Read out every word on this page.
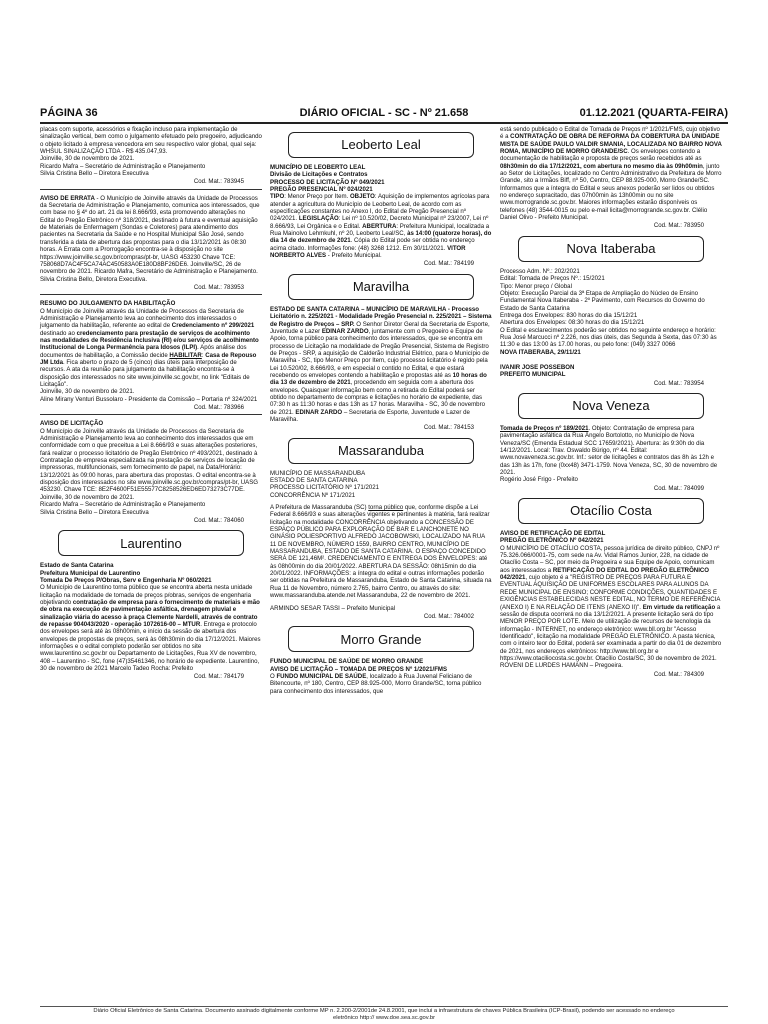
PÁGINA 36	DIÁRIO OFICIAL - SC - Nº 21.658	01.12.2021 (QUARTA-FEIRA)

placas com suporte, acessórios e fixação incluso para implementação de sinalização vertical, bem como o julgamento efetuado pelo pregoeiro, adjudicando o objeto licitado à empresa vencedora em seu respectivo valor global, qual seja: WHSUL SINALIZAÇÃO LTDA - R$ 435.047,93.

Joinville, 30 de novembro de 2021.

Ricardo Mafra – Secretário de Administração e Planejamento

Silvia Cristina Bello – Diretora Executiva

Cod. Mat.: 783945

AVISO DE ERRATA - O Município de Joinville através da Unidade de Processos da Secretaria de Administração e Planejamento, comunica aos interessados, que com base no § 4º do art. 21 da lei 8.666/93, esta promovendo alterações no Edital do Pregão Eletrônico nº 318/2021, destinado à futura e eventual aquisição de Materiais de Enfermagem (Sondas e Coletores) para atendimento dos pacientes na Secretaria da Saúde e no Hospital Municipal São José, sendo transferida a data de abertura das propostas para o dia 13/12/2021 às 08:30 horas. A Errata com a Prorrogação encontra-se à disposição no site https://www.joinville.sc.gov.br/compras/pt-br, UASG 453230 Chave TCE: 758068D7AC4F5CA74AC450583A0E180D8BF26DE6. Joinville/SC, 26 de novembro de 2021. Ricardo Mafra, Secretário de Administração e Planejamento. Silvia Cristina Bello, Diretora Executiva.

Cod. Mat.: 783953

RESUMO DO JULGAMENTO DA HABILITAÇÃO

O Município de Joinville através da Unidade de Processos da Secretaria de Administração e Planejamento leva ao conhecimento dos interessados o julgamento da habilitação, referente ao edital de Credenciamento nº 299/2021 destinado ao credenciamento para prestação de serviços de acolhimento nas modalidades de Residência Inclusiva (RI) e/ou serviços de acolhimento Institucional de Longa Permanência para Idosos (ILPI). Após análise dos documentos de habilitação, a Comissão decide HABILITAR: Casa de Repouso JM Ltda. Fica aberto o prazo de 5 (cinco) dias úteis para interposição de recursos. A ata da reunião para julgamento da habilitação encontra-se à disposição dos interessados no site www.joinville.sc.gov.br, no link "Editais de Licitação".

Joinville, 30 de novembro de 2021.

Aline Mirany Venturi Bussolaro - Presidente da Comissão – Portaria nº 324/2021

Cod. Mat.: 783966

AVISO DE LICITAÇÃO

O Município de Joinville através da Unidade de Processos da Secretaria de Administração e Planejamento leva ao conhecimento dos interessados que em conformidade com o que preceitua a Lei 8.666/93 e suas alterações posteriores, fará realizar o processo licitatório de Pregão Eletrônico nº 493/2021, destinado à Contratação de empresa especializada na prestação de serviços de locação de impressoras, multifuncionais, sem fornecimento de papel, na Data/Horário: 13/12/2021 às 09:00 horas, para abertura das propostas. O edital encontra-se à disposição dos interessados no site www.joinville.sc.gov.br/compras/pt-br, UASG 453230. Chave TCE: 8E2F4600F51E55577C8258526ED6ED73273C77DE. Joinville, 30 de novembro de 2021.

Ricardo Mafra – Secretário de Administração e Planejamento

Silvia Cristina Bello – Diretora Executiva

Cod. Mat.: 784060
Laurentino

Estado de Santa Catarina

Prefeitura Municipal de Laurentino

Tomada De Preços P/Obras, Serv e Engenharia Nº 060/2021

O Município de Laurentino torna público que se encontra aberta nesta unidade licitação na modalidade de tomada de preços p/obras, serviços de engenharia objetivando contratação de empresa para o fornecimento de materiais e mão de obra na execução de pavimentação asfáltica, drenagem pluvial e sinalização viária do acesso à praça Clemente Nardelli, através de contrato de repasse 904043/2020 - operação 1072616-00 – MTUR. Entrega e protocolo dos envelopes será até às 08h00min, e início da sessão de abertura dos envelopes de propostas de preços, será às 08h30min do dia 17/12/2021. Maiores informações e o edital completo poderão ser obtidos no site www.laurentino.sc.gov.br ou Departamento de Licitações, Rua XV de novembro, 408 – Laurentino - SC, fone (47)35461346, no horário de expediente. Laurentino, 30 de novembro de 2021 Marcelo Tadeo Rocha: Prefeito

Cod. Mat.: 784179
Leoberto Leal

MUNICÍPIO DE LEOBERTO LEAL

Divisão de Licitações e Contratos

PROCESSO DE LICITAÇÃO Nº 049/2021

PREGÃO PRESENCIAL Nº 024/2021

TIPO: Menor Preço por Item. OBJETO: Aquisição de implementos agrícolas para atender a agricultura do Município de Leoberto Leal, de acordo com as especificações constantes no Anexo I, do Edital de Pregão Presencial nº 024/2021. LEGISLAÇÃO: Lei nº 10.520/02, Decreto Municipal nº 23/2007, Lei nº 8.666/93, Lei Orgânica e o Edital. ABERTURA: Prefeitura Municipal, localizada a Rua Mainolvo Lehmkuhl, nº 20, Leoberto Leal/SC, às 14:00 (quatorze horas), do dia 14 de dezembro de 2021. Cópia do Edital pode ser obtida no endereço acima citado. Informações fone: (48) 3268 1212. Em 30/11/2021. VITOR NORBERTO ALVES - Prefeito Municipal.

Cod. Mat.: 784199
Maravilha

ESTADO DE SANTA CATARINA – MUNICÍPIO DE MARAVILHA - Processo Licitatório n. 225/2021 - Modalidade Pregão Presencial n. 225/2021 – Sistema de Registro de Preços – SRP. O Senhor Diretor Geral da Secretaria de Esporte, Juventude e Lazer EDINAR ZARDO, juntamente com o Pregoeiro e Equipe de Apoio, torna público para conhecimento dos interessados, que se encontra em processo de Licitação na modalidade de Pregão Presencial, Sistema de Registro de Preços - SRP, a aquisição de Calderão Industrial Elétrico, para o Município de Maravilha - SC, tipo Menor Preço por Item, cujo processo licitatório é regido pela Lei 10.520/02, 8.666/93, e em especial o contido no Edital, e que estará recebendo os envelopes contendo a habilitação e propostas até as 10 horas do dia 13 de dezembro de 2021, procedendo em seguida com a abertura dos envelopes. Quaisquer informação bem como a retirada do Edital poderá ser obtido no departamento de compras e licitações no horário de expediente, das 07:30 h as 11:30 horas e das 13h as 17 horas. Maravilha - SC, 30 de novembro de 2021. EDINAR ZARDO – Secretaria de Esporte, Juventude e Lazer de Maravilha.

Cod. Mat.: 784153
Massaranduba

MUNICÍPIO DE MASSARANDUBA

ESTADO DE SANTA CATARINA

PROCESSO LICITATÓRIO Nº 171/2021

CONCORRÊNCIA Nº 171/2021

A Prefeitura de Massaranduba (SC) torna público que, conforme dispõe a Lei Federal 8.666/93 e suas alterações vigentes e pertinentes à matéria, fará realizar licitação na modalidade CONCORRÊNCIA objetivando a CONCESSÃO DE ESPAÇO PÚBLICO PARA EXPLORAÇÃO DE BAR E LANCHONETE NO GINÁSIO POLIESPORTIVO ALFREDO JACOBOWSKI, LOCALIZADO NA RUA 11 DE NOVEMBRO, NÚMERO 1559, BAIRRO CENTRO, MUNICÍPIO DE MASSARANDUBA, ESTADO DE SANTA CATARINA. O ESPAÇO CONCEDIDO SERÁ DE 121,46M². CREDENCIAMENTO E ENTREGA DOS ENVELOPES: até às 08h00min do dia 20/01/2022. ABERTURA DA SESSÃO: 08h15min do dia 20/01/2022. INFORMAÇÕES: a íntegra do edital e outras informações poderão ser obtidas na Prefeitura de Massaranduba, Estado de Santa Catarina, situada na Rua 11 de Novembro, número 2.765, bairro Centro, ou através do site: www.massaranduba.atende.net Massaranduba, 22 de novembro de 2021.

ARMINDO SESAR TASSI – Prefeito Municipal

Cod. Mat.: 784002
Morro Grande

FUNDO MUNICIPAL DE SAÚDE DE MORRO GRANDE

AVISO DE LICITAÇÃO – TOMADA DE PREÇOS Nº 1/2021/FMS

O FUNDO MUNICIPAL DE SAÚDE, localizado à Rua Juvenal Feliciano de Bitencourte, nº 180, Centro, CEP 88.925-000, Morro Grande/SC, torna público para conhecimento dos interessados, que

está sendo publicado o Edital de Tomada de Preços nº 1/2021/FMS, cujo objetivo é a CONTRATAÇÃO DE OBRA DE REFORMA DA COBERTURA DA UNIDADE MISTA DE SAÚDE PAULO VALDIR SMANIA, LOCALIZADA NO BAIRRO NOVA ROMA, MUNICÍPIO DE MORRO GRANDE/SC. Os envelopes contendo a documentação de habilitação e proposta de preços serão recebidos até as 08h30min do dia 17/12/2021, com abertura no mesmo dia às 09h00min, junto ao Setor de Licitações, localizado no Centro Administrativo da Prefeitura de Morro Grande, sito a Irmãos Biff, nº 50, Centro, CEP 88.925-000, Morro Grande/SC. Informamos que a íntegra do Edital e seus anexos poderão ser lidos ou obtidos no endereço supracitado, das 07h00min às 13h00min ou no site www.morrogrande.sc.gov.br. Maiores informações estarão disponíveis os telefones (48) 3544-0015 ou pelo e-mail licita@morrogrande.sc.gov.br. Clélio Daniel Olivo - Prefeito Municipal.

Cod. Mat.: 783950
Nova Itaberaba

Processo Adm. Nº.: 202/2021

Edital: Tomada de Preços Nº.: 15/2021

Tipo: Menor preço / Global

Objeto: Execução Parcial da 3ª Etapa de Ampliação do Núcleo de Ensino Fundamental Nova Itaberaba - 2º Pavimento, com Recursos do Governo do Estado de Santa Catarina

Entrega dos Envelopes: 830 horas do dia 15/12/21

Abertura dos Envelopes: 08:30 horas do dia 15/12/21

O Edital e esclarecimentos poderão ser obtidos no seguinte endereço e horário: Rua José Marcucci nº 2.226, nos dias úteis, das Segunda à Sexta, das 07:30 às 11:30 e das 13:00 às 17.00 horas, ou pelo fone: (049) 3327 0066

NOVA ITABERABA, 29/11/21

IVANIR JOSE POSSEBON

PREFEITO MUNICIPAL

Cod. Mat.: 783954
Nova Veneza

Tomada de Preços nº 189/2021. Objeto: Contratação de empresa para pavimentação asfáltica da Rua Ângelo Bortolotto, no Município de Nova Veneza/SC (Emenda Estadual SCC 17659/2021). Abertura: às 9:30h do dia 14/12/2021. Local: Trav. Oswaldo Búrigo, nº 44. Edital: www.novaveneza.sc.gov.br. Inf.: setor de licitações e contratos das 8h às 12h e das 13h às 17h, fone (0xx48) 3471-1759. Nova Veneza, SC, 30 de novembro de 2021.

Rogério José Frigo - Prefeito

Cod. Mat.: 784099
Otacílio Costa

AVISO DE RETIFICAÇÃO DE EDITAL

PREGÃO ELETRÔNICO Nº 042/2021

O MUNICÍPIO DE OTACÍLIO COSTA, pessoa jurídica de direito público, CNPJ nº 75.326.066/0001-75, com sede na Av. Vidal Ramos Junior, 228, na cidade de Otacílio Costa – SC, por meio da Pregoeira e sua Equipe de Apoio, comunicam aos interessados a RETIFICAÇÃO DO EDITAL DO PREGÃO ELETRÔNICO 042/2021, cujo objeto é a "REGISTRO DE PREÇOS PARA FUTURA E EVENTUAL AQUISIÇÃO DE UNIFORMES ESCOLARES PARA ALUNOS DA REDE MUNICIPAL DE ENSINO; CONFORME CONDIÇÕES, QUANTIDADES E EXIGÊNCIAS ESTABELECIDAS NESTE EDITAL, NO TERMO DE REFERÊNCIA (ANEXO I) E NA RELAÇÃO DE ITENS (ANEXO II)". Em virtude da retificação a sessão de disputa ocorrerá no dia 13/12/2021. A presente licitação será do tipo MENOR PREÇO POR LOTE. Meio de utilização de recursos de tecnologia da informação - INTERNET, no endereço eletrônico: www.bll.org.br "Acesso Identificado", licitação na modalidade PREGÃO ELETRÔNICO. A pasta técnica, com o inteiro teor do Edital, poderá ser examinada a partir do dia 01 de dezembro de 2021, nos endereços eletrônicos: http://www.bll.org.br e https://www.otaciliocosta.sc.gov.br. Otacílio Costa/SC, 30 de novembro de 2021. ROVENI DE LURDES HAMANN – Pregoeira.

Cod. Mat.: 784309
Diário Oficial Eletrônico de Santa Catarina. Documento assinado digitalmente conforme MP n. 2.200-2/2001de 24.8.2001, que inclui a infraestrutura de chaves Pública Brasileira (ICP-Brasil), podendo ser acessado no endereço
eletrônico http:// www.doe.sea.sc.gov.br
